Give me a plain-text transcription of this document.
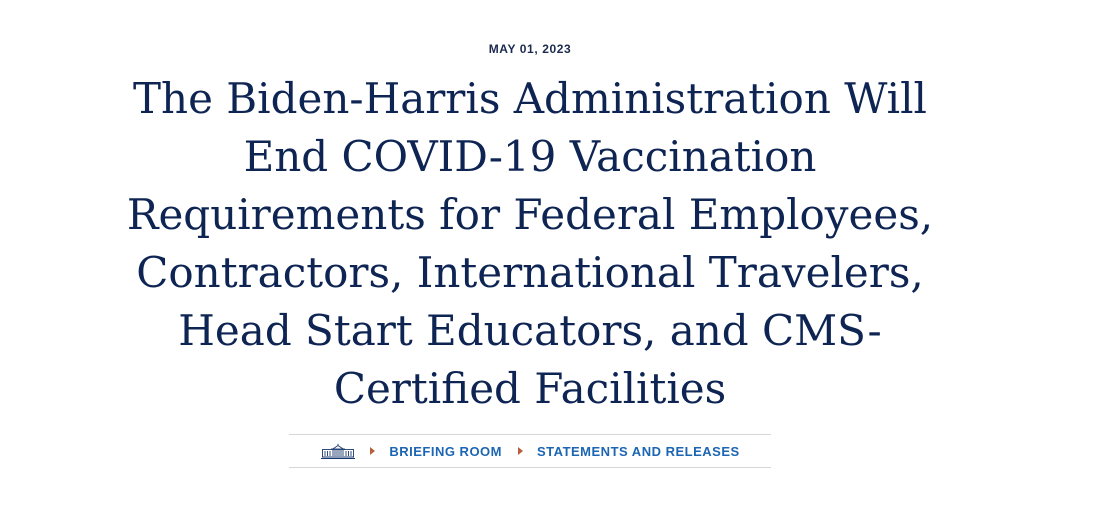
MAY 01, 2023
The Biden-Harris Administration Will End COVID-19 Vaccination Requirements for Federal Employees, Contractors, International Travelers, Head Start Educators, and CMS-Certified Facilities
BRIEFING ROOM	STATEMENTS AND RELEASES
